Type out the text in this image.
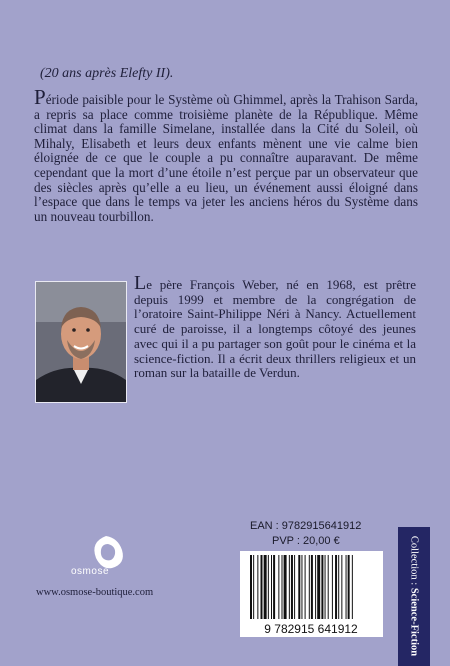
(20 ans après Elefty II).
Période paisible pour le Système où Ghimmel, après la Trahison Sarda, a repris sa place comme troisième planète de la République. Même climat dans la famille Simelane, installée dans la Cité du Soleil, où Mihaly, Elisabeth et leurs deux enfants mènent une vie calme bien éloignée de ce que le couple a pu connaître auparavant. De même cependant que la mort d’une étoile n’est perçue par un observateur que des siècles après qu’elle a eu lieu, un événement aussi éloigné dans l’espace que dans le temps va jeter les anciens héros du Système dans un nouveau tourbillon.
Le père François Weber, né en 1968, est prêtre depuis 1999 et membre de la congrégation de l’oratoire Saint-Philippe Néri à Nancy. Actuellement curé de paroisse, il a longtemps côtoyé des jeunes avec qui il a pu partager son goût pour le cinéma et la science-fiction. Il a écrit deux thrillers religieux et un roman sur la bataille de Verdun.
osmose
www.osmose-boutique.com
EAN : 9782915641912
PVP : 20,00 €
9 782915 641912
Collection : Science-Fiction
